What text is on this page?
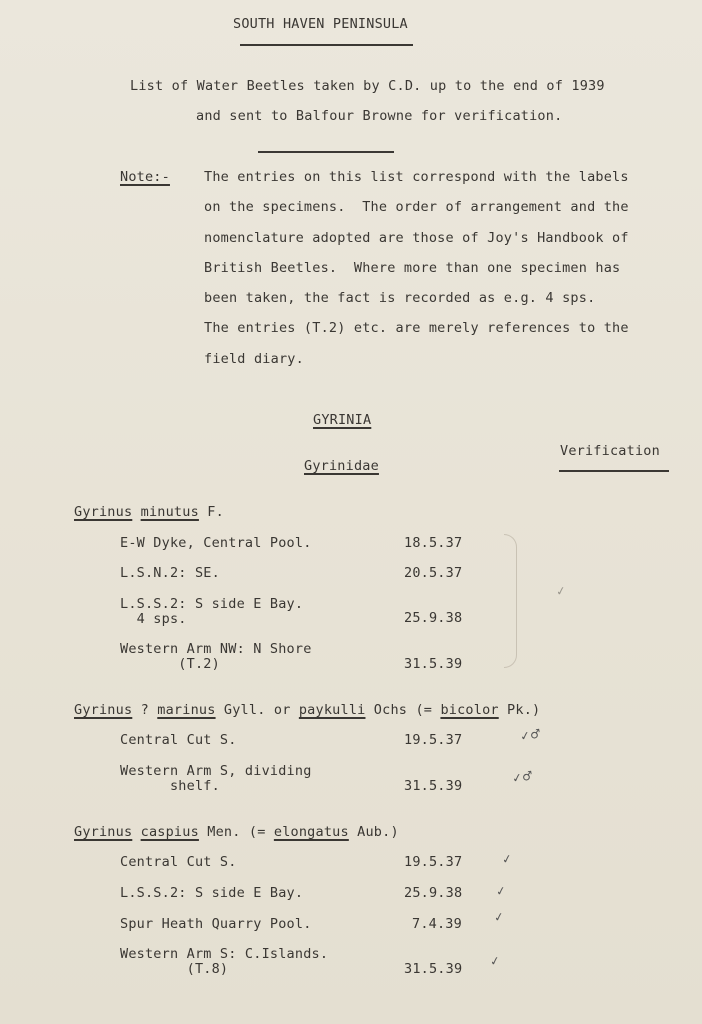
SOUTH HAVEN PENINSULA
List of Water Beetles taken by C.D. up to the end of 1939
and sent to Balfour Browne for verification.
Note:-	The entries on this list correspond with the labels
on the specimens.  The order of arrangement and the
nomenclature adopted are those of Joy's Handbook of
British Beetles.  Where more than one specimen has
been taken, the fact is recorded as e.g. 4 sps.
The entries (T.2) etc. are merely references to the
field diary.
GYRINIA
Verification
Gyrinidae
Gyrinus minutus F.
E-W Dyke, Central Pool.	18.5.37
L.S.N.2: SE.	20.5.37
L.S.S.2: S side E Bay.
4 sps.	25.9.38
Western Arm NW: N Shore
(T.2)	31.5.39
✓
Gyrinus ? marinus Gyll. or paykulli Ochs (= bicolor Pk.)
Central Cut S.	19.5.37	✓♂
Western Arm S, dividing
shelf.	31.5.39
✓♂
Gyrinus caspius Men. (= elongatus Aub.)
Central Cut S.	19.5.37	✓
L.S.S.2: S side E Bay.	25.9.38	✓
Spur Heath Quarry Pool.	7.4.39	✓
Western Arm S: C.Islands.
(T.8)	31.5.39 ✓
